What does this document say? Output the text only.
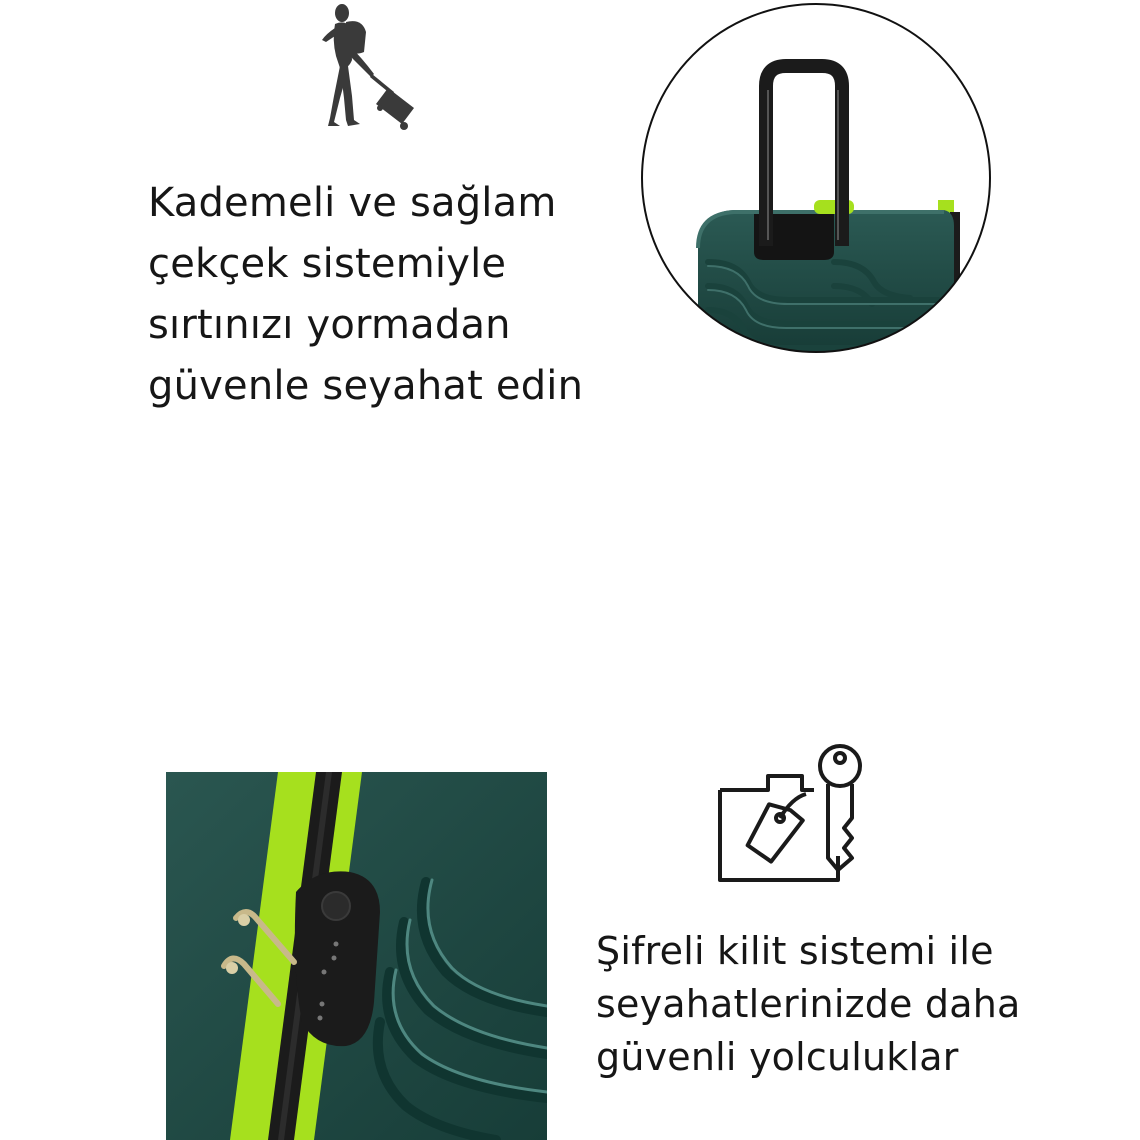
Kademeli ve sağlam
çekçek sistemiyle
sırtınızı yormadan
güvenle seyahat edin
Şifreli kilit sistemi ile
seyahatlerinizde daha
güvenli yolculuklar
